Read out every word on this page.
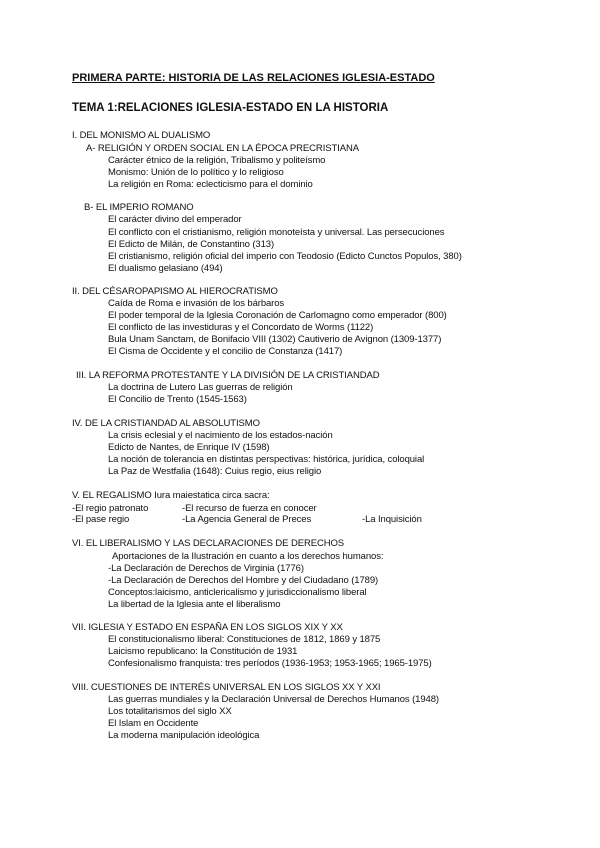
PRIMERA PARTE: HISTORIA DE LAS RELACIONES IGLESIA-ESTADO
TEMA 1:RELACIONES IGLESIA-ESTADO EN LA HISTORIA
I. DEL MONISMO AL DUALISMO
A- RELIGIÓN Y ORDEN SOCIAL EN LA ÉPOCA PRECRISTIANA
Carácter étnico de la religión, Tribalismo y politeísmo
Monismo: Unión de lo político y lo religioso
La religión en Roma: eclecticismo para el dominio
B- EL IMPERIO ROMANO
El carácter divino del emperador
El conflicto con el cristianismo, religión monoteísta y universal. Las persecuciones
El Edicto de Milán, de Constantino (313)
El cristianismo, religión oficial del imperio con Teodosio (Edicto Cunctos Populos, 380)
El dualismo gelasiano (494)
II. DEL CÉSAROPAPISMO AL HIEROCRATISMO
Caída de Roma e invasión de los bárbaros
El poder temporal de la Iglesia Coronación de Carlomagno como emperador (800)
El conflicto de las investiduras y el Concordato de Worms (1122)
Bula Unam Sanctam, de Bonifacio VIII (1302) Cautiverio de Avignon (1309-1377)
El Cisma de Occidente y el concilio de Constanza (1417)
III. LA REFORMA PROTESTANTE Y LA DIVISIÓN DE LA CRISTIANDAD
La doctrina de Lutero Las guerras de religión
El Concilio de Trento (1545-1563)
IV. DE LA CRISTIANDAD AL ABSOLUTISMO
La crisis eclesial y el nacimiento de los estados-nación
Edicto de Nantes, de Enrique IV (1598)
La noción de tolerancia en distintas perspectivas: histórica, jurídica, coloquial
La Paz de Westfalia (1648): Cuius regio, eius religio
V. EL REGALISMO Iura maiestatica circa sacra:
-El regio patronato	-El recurso de fuerza en conocer
-El pase regio	-La Agencia General de Preces	-La Inquisición
VI. EL LIBERALISMO Y LAS DECLARACIONES DE DERECHOS
Aportaciones de la Ilustración en cuanto a los derechos humanos:
-La Declaración de Derechos de Virginia (1776)
-La Declaración de Derechos del Hombre y del Ciudadano (1789)
Conceptos:laicismo, anticlericalismo y jurisdiccionalismo liberal
La libertad de la Iglesia ante el liberalismo
VII. IGLESIA Y ESTADO EN ESPAÑA EN LOS SIGLOS XIX Y XX
El constitucionalismo liberal: Constituciones de 1812, 1869 y 1875
Laicismo republicano: la Constitución de 1931
Confesionalismo franquista: tres períodos (1936-1953; 1953-1965; 1965-1975)
VIII. CUESTIONES DE INTERÉS UNIVERSAL EN LOS SIGLOS XX Y XXI
Las guerras mundiales y la Declaración Universal de Derechos Humanos (1948)
Los totalitarismos del siglo XX
El Islam en Occidente
La moderna manipulación ideológica
